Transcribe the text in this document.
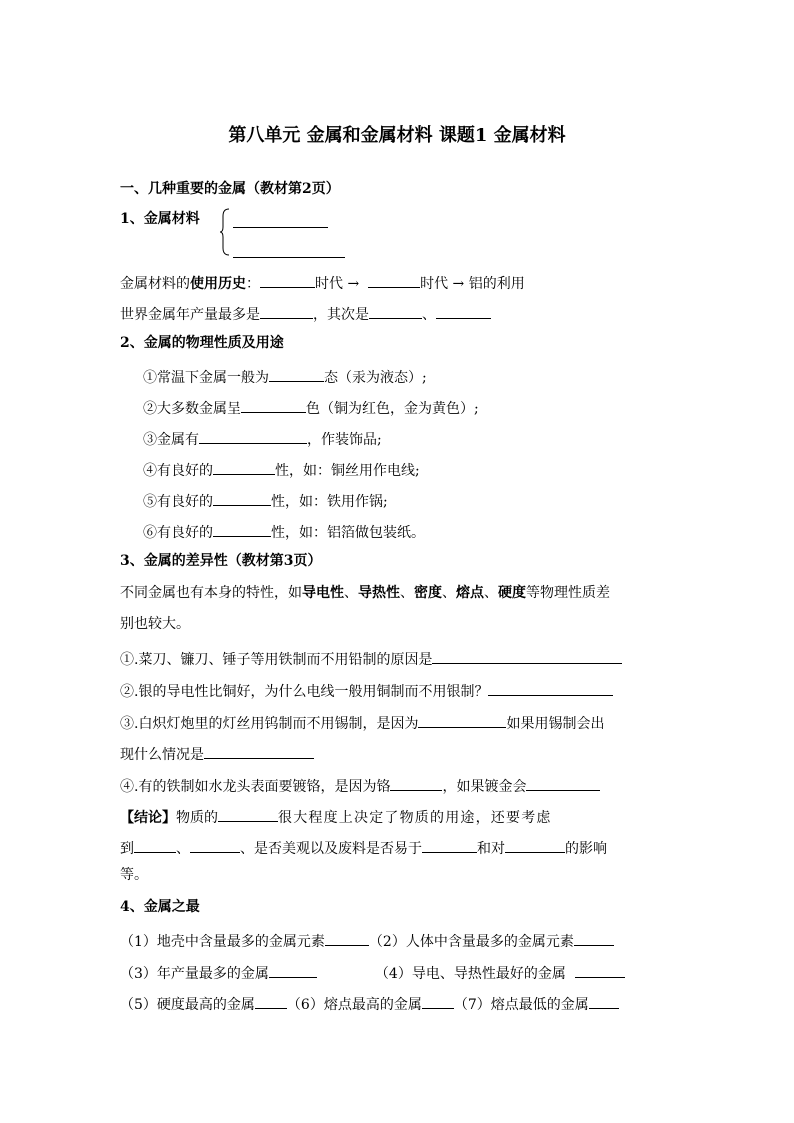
第八单元 金属和金属材料 课题1 金属材料
一、几种重要的金属（教材第2页）
1、金属材料
金属材料的使用历史：	时代 →	时代 → 铝的利用
世界金属年产量最多是	，其次是	、
2、金属的物理性质及用途
①常温下金属一般为	态（汞为液态）;
②大多数金属呈	色（铜为红色，金为黄色）;
③金属有	，作装饰品;
④有良好的	性，如：铜丝用作电线;
⑤有良好的	性，如：铁用作锅;
⑥有良好的	性，如：铝箔做包装纸。
3、金属的差异性（教材第3页）
不同金属也有本身的特性，如导电性、导热性、密度、熔点、硬度等物理性质差
别也较大。
①.菜刀、镰刀、锤子等用铁制而不用铅制的原因是
②.银的导电性比铜好，为什么电线一般用铜制而不用银制？
③.白炽灯炮里的灯丝用钨制而不用锡制，是因为	如果用锡制会出
现什么情况是
④.有的铁制如水龙头表面要镀铬，是因为铬	，如果镀金会
【结论】物质的	很大程度上决定了物质的用途，还要考虑
到	、	、是否美观以及废料是否易于	和对	的影响
等。
4、金属之最
（1）地壳中含量最多的金属元素	（2）人体中含量最多的金属元素
（3）年产量最多的金属	（4）导电、导热性最好的金属
（5）硬度最高的金属 （6）熔点最高的金属 （7）熔点最低的金属
